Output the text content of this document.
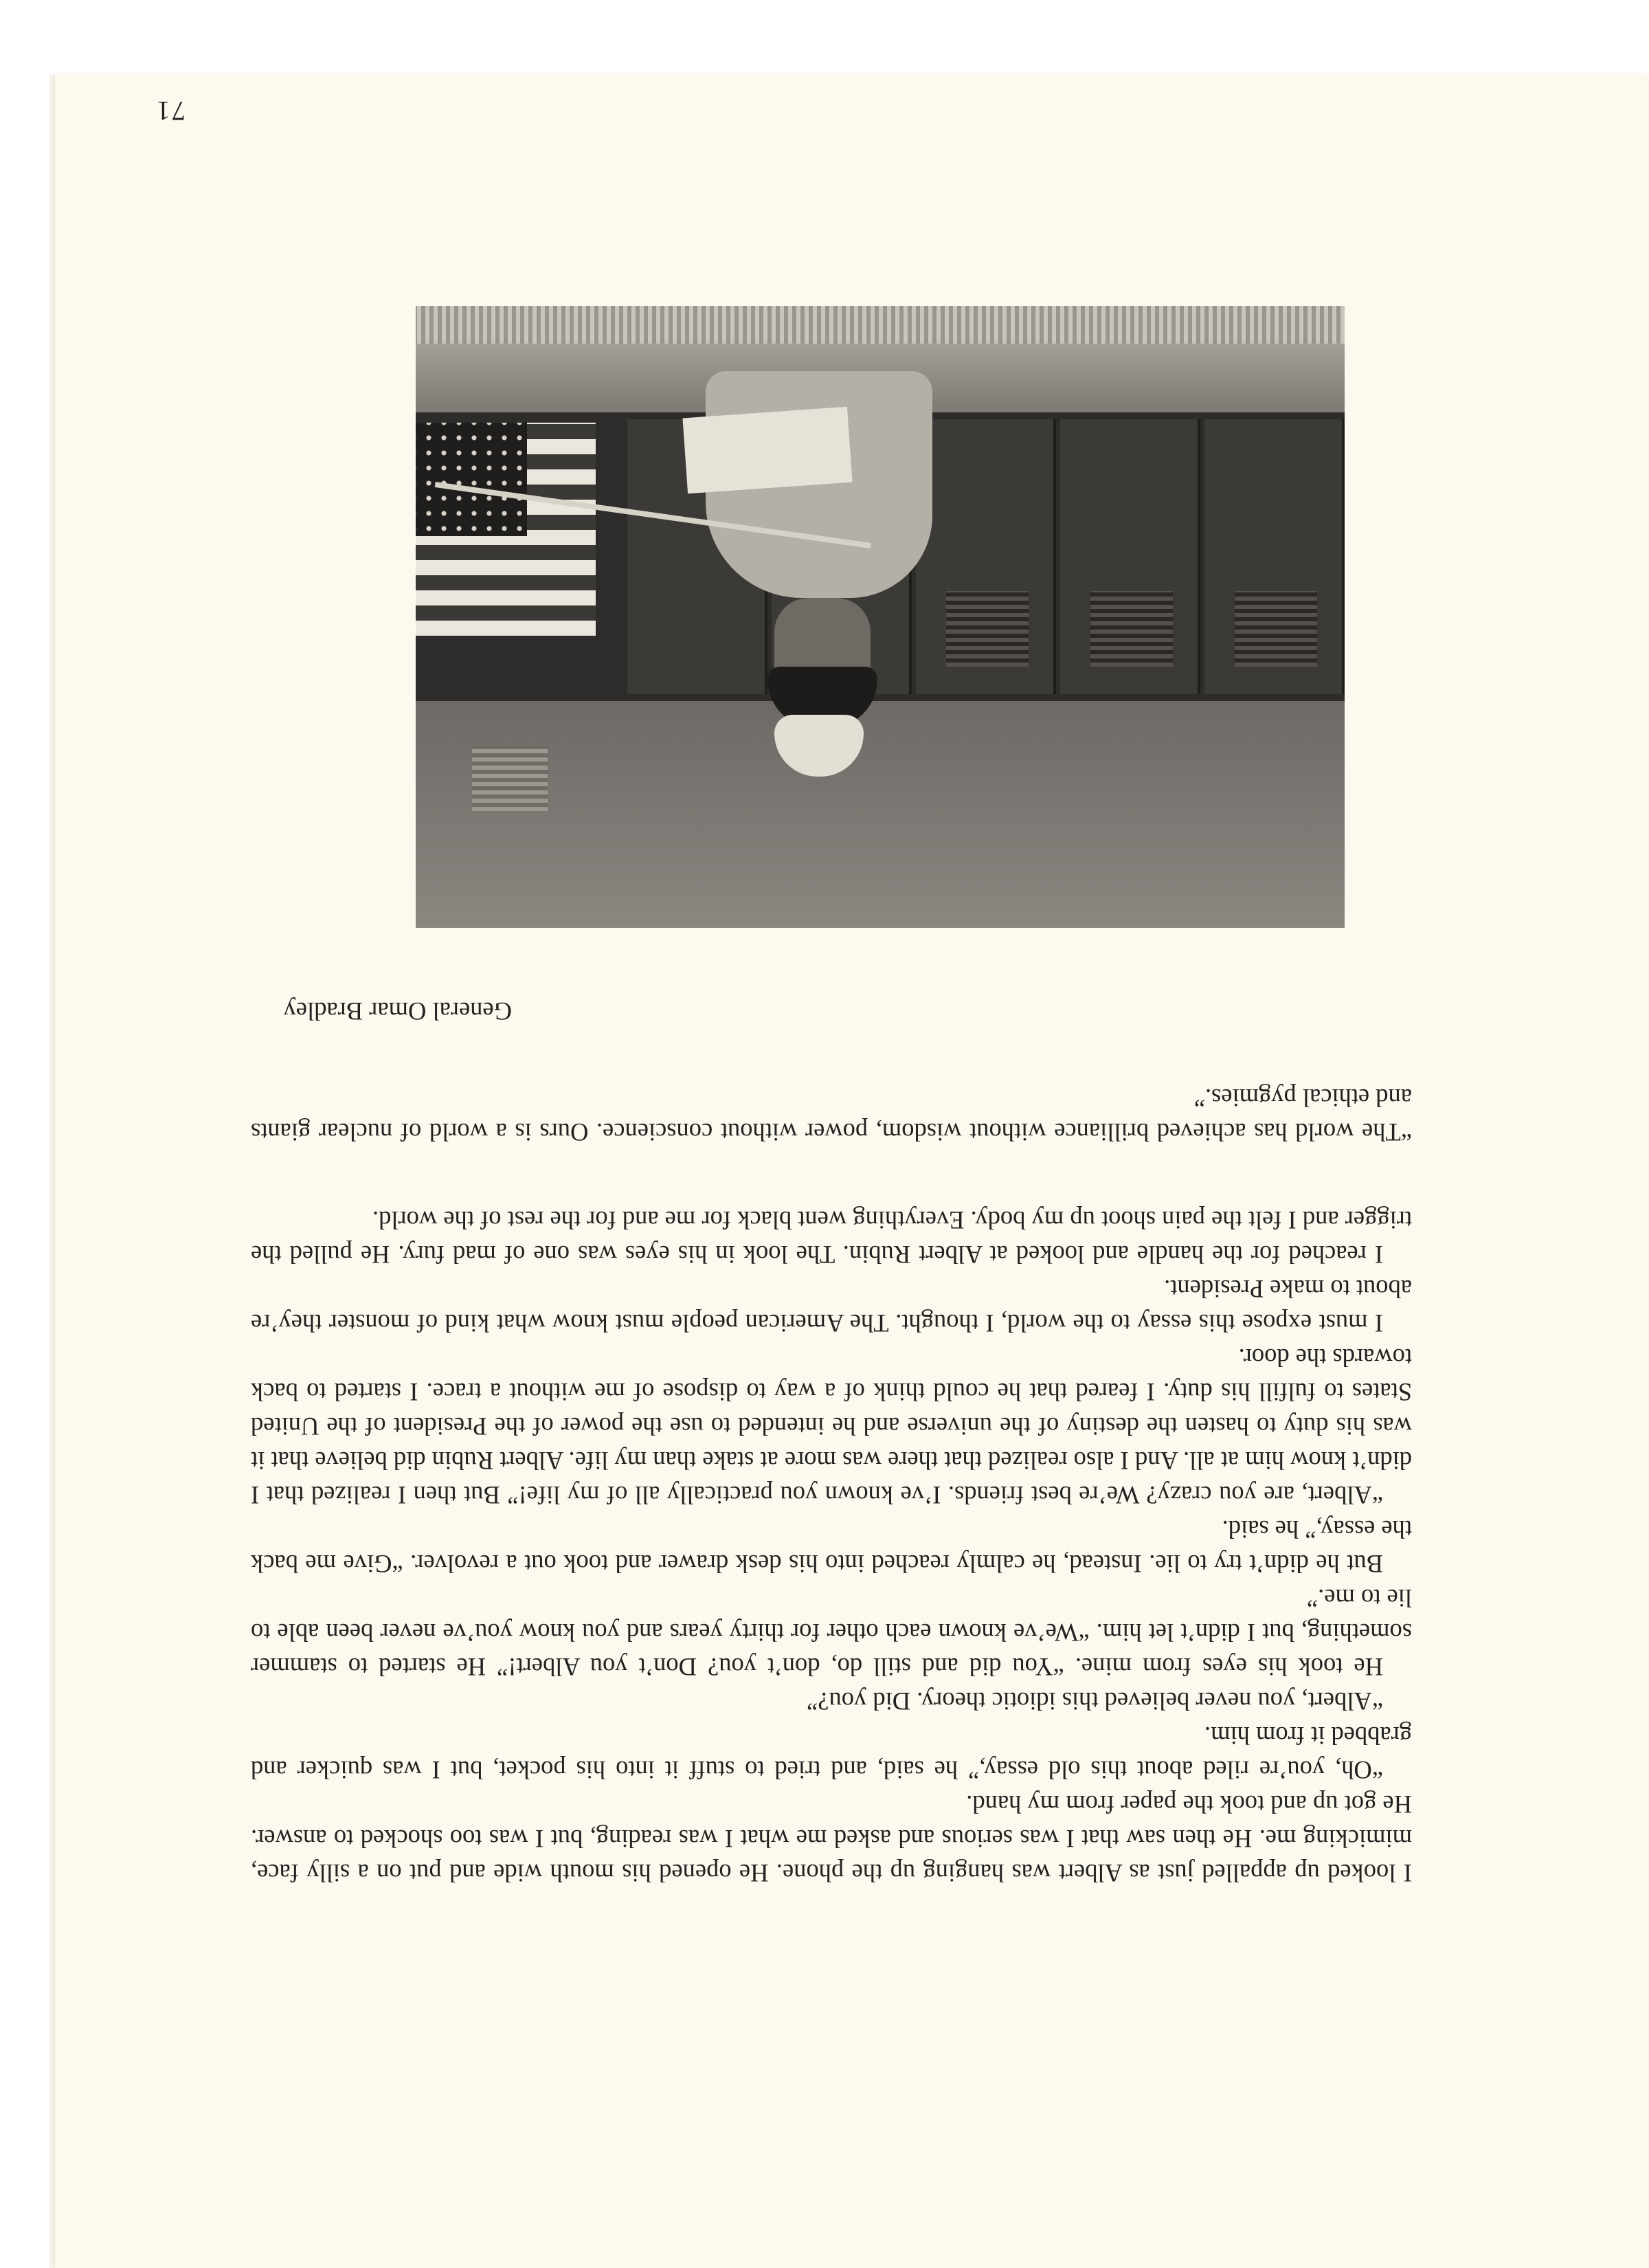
71

I looked up appalled just as Albert was hanging up the phone. He opened his mouth wide and put on a silly face, mimicking me. He then saw that I was serious and asked me what I was reading, but I was too shocked to answer. He got up and took the paper from my hand.

“Oh, you’re riled about this old essay,” he said, and tried to stuff it into his pocket, but I was quicker and grabbed it from him.

“Albert, you never believed this idiotic theory. Did you?”

He took his eyes from mine. “You did and still do, don’t you? Don’t you Albert!” He started to stammer something, but I didn’t let him. “We’ve known each other for thirty years and you know you’ve never been able to lie to me.”

But he didn’t try to lie. Instead, he calmly reached into his desk drawer and took out a revolver. “Give me back the essay,” he said.

“Albert, are you crazy? We’re best friends. I’ve known you practically all of my life!” But then I realized that I didn’t know him at all. And I also realized that there was more at stake than my life. Albert Rubin did believe that it was his duty to hasten the destiny of the universe and he intended to use the power of the President of the United States to fulfill his duty. I feared that he could think of a way to dispose of me without a trace. I started to back towards the door.

I must expose this essay to the world, I thought. The American people must know what kind of monster they’re about to make President.

I reached for the handle and looked at Albert Rubin. The look in his eyes was one of mad fury. He pulled the trigger and I felt the pain shoot up my body. Everything went black for me and for the rest of the world.

“The world has achieved brilliance without wisdom, power without conscience. Ours is a world of nuclear giants and ethical pygmies.”

General Omar Bradley
